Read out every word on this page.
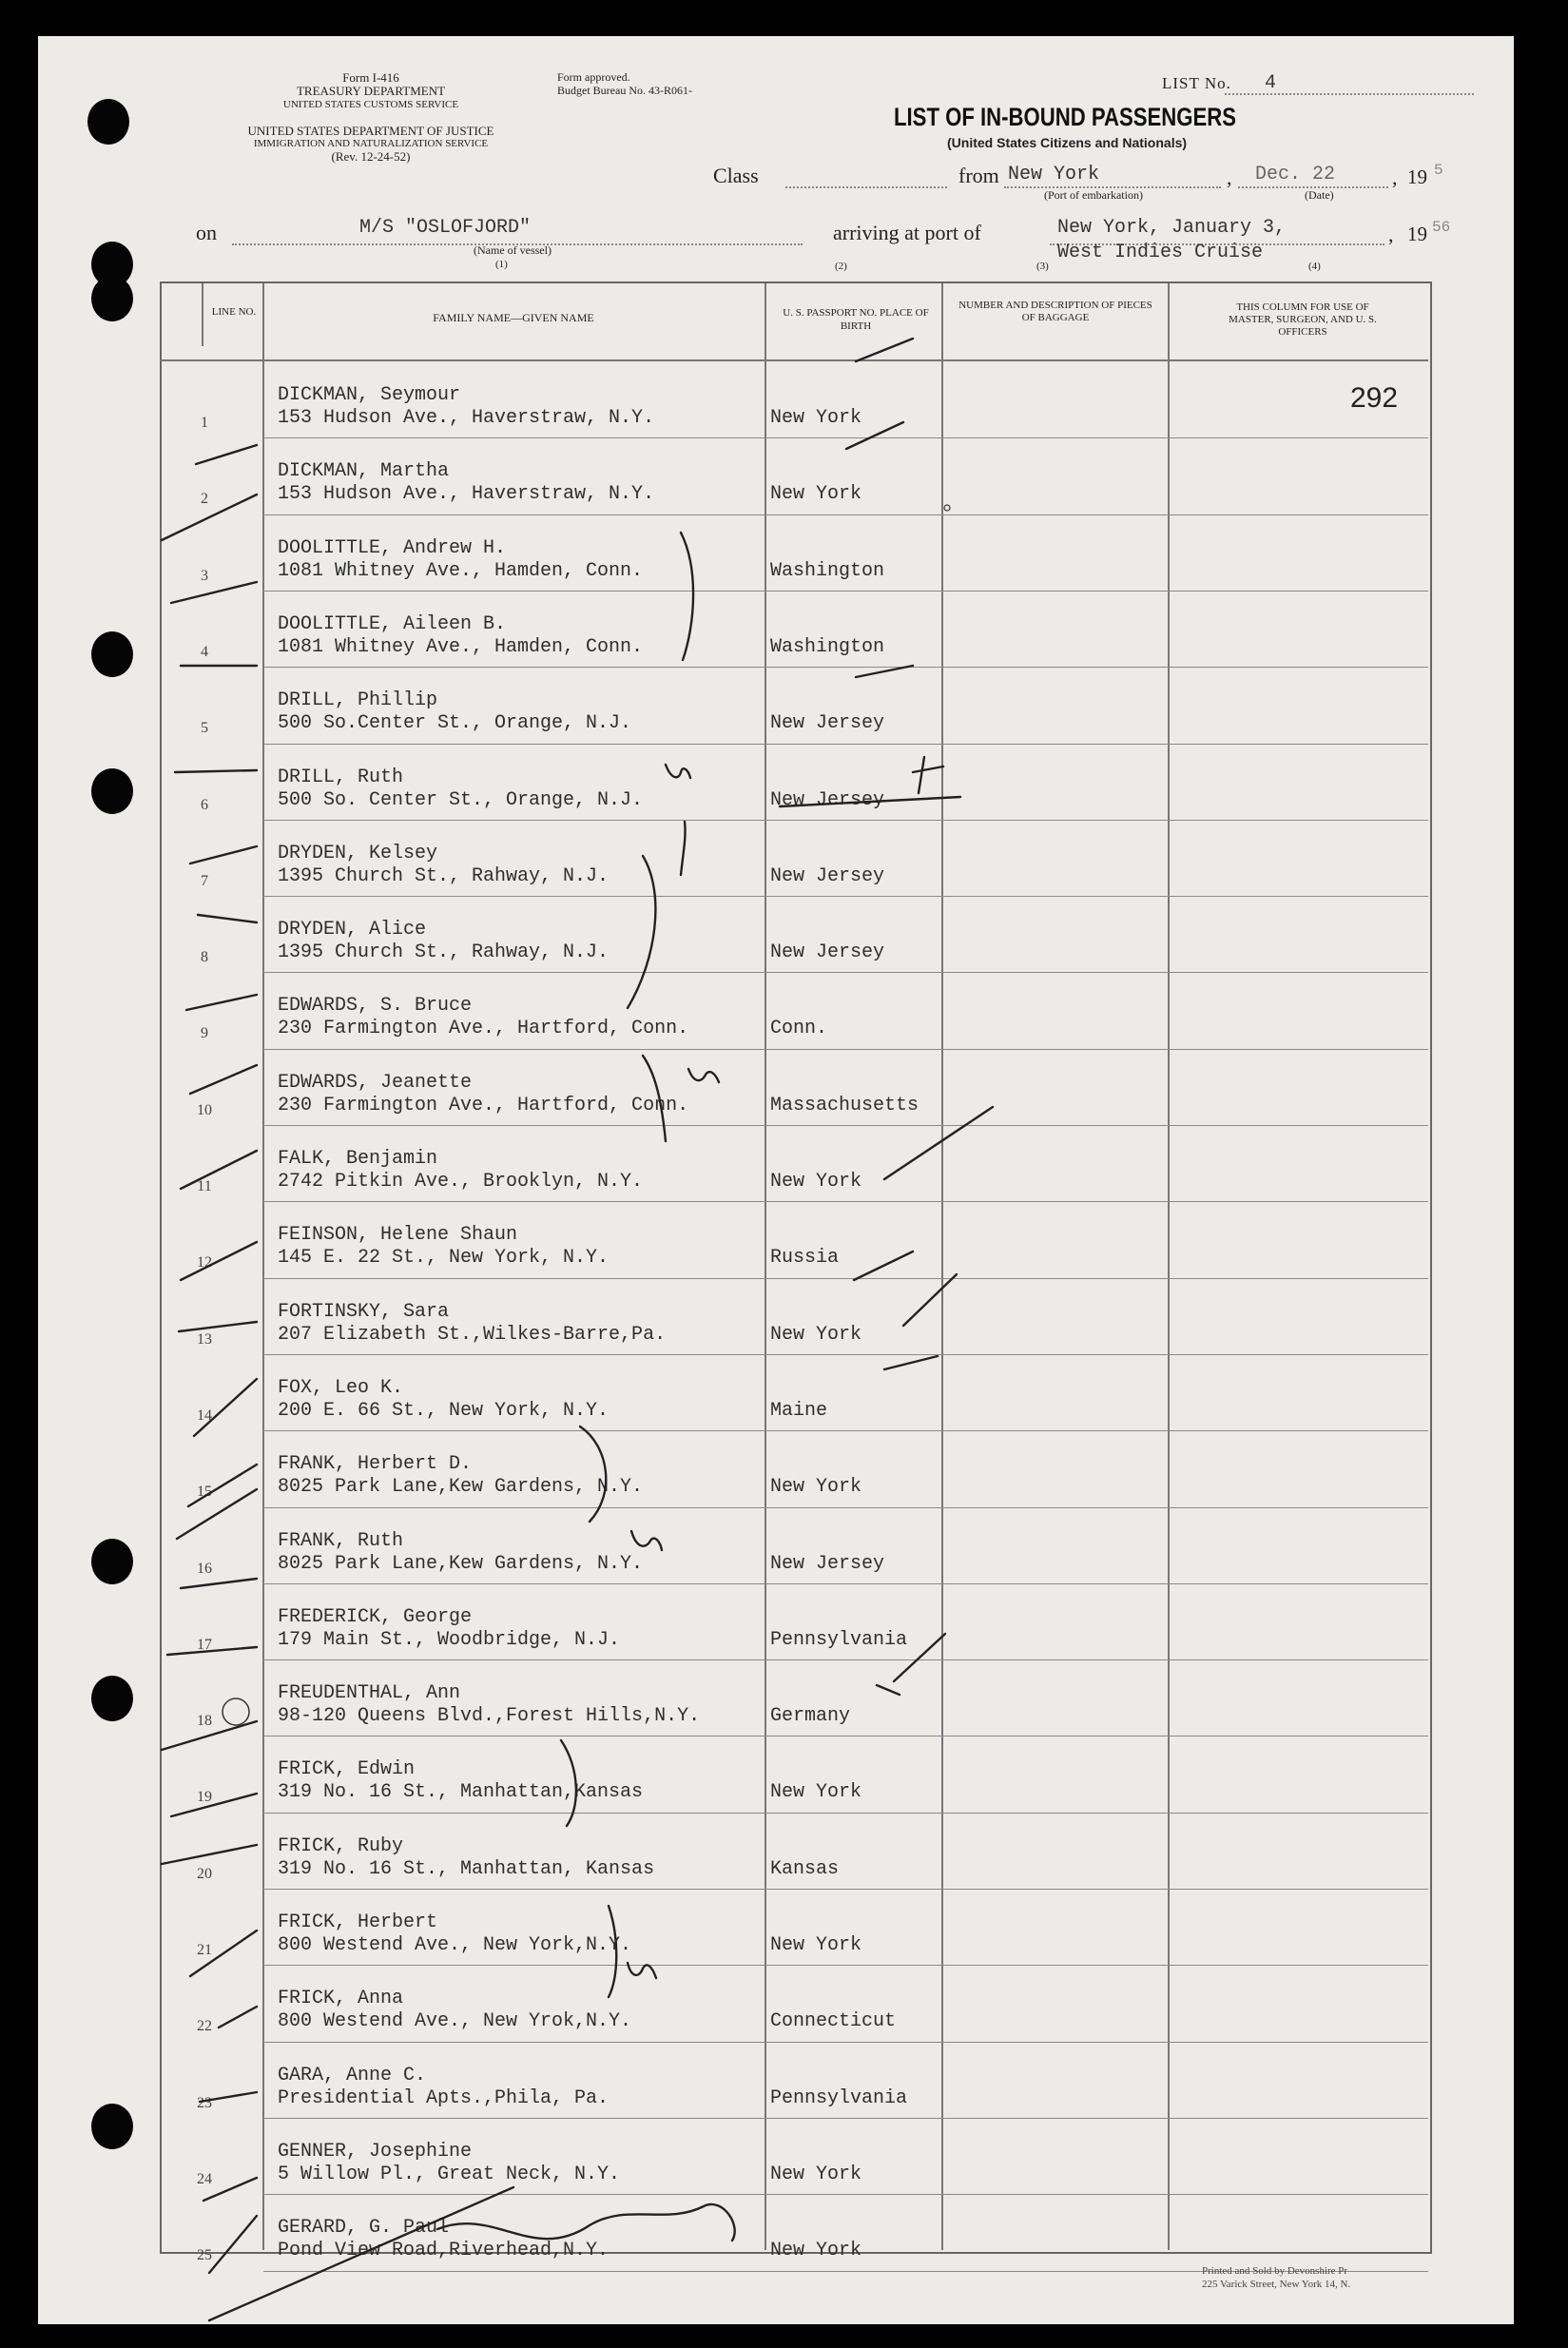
Form I-416
TREASURY DEPARTMENT
UNITED STATES CUSTOMS SERVICE
UNITED STATES DEPARTMENT OF JUSTICE
IMMIGRATION AND NATURALIZATION SERVICE
(Rev. 12-24-52)
Form approved.
Budget Bureau No. 43-R061-	LIST No. 4
LIST OF IN-BOUND PASSENGERS
(United States Citizens and Nationals)
Class	from New York
(Port of embarkation)
, Dec. 22
(Date)
, 19 5
on	M/S "OSLOFJORD"
(Name of vessel)
(1)
arriving at port of	New York, January 3,
West Indies Cruise
, 19 56
(2)	(3)	(4)
LINE NO.	FAMILY NAME—GIVEN NAME	U. S. PASSPORT NO. PLACE OF BIRTH
NUMBER AND DESCRIPTION OF PIECES OF BAGGAGE
THIS COLUMN FOR USE OF MASTER, SURGEON, AND U. S. OFFICERS
292
1
DICKMAN, Seymour
153 Hudson Ave., Haverstraw, N.Y.	New York
2
DICKMAN, Martha
153 Hudson Ave., Haverstraw, N.Y.	New York
3
DOOLITTLE, Andrew H.
1081 Whitney Ave., Hamden, Conn.	Washington
4
DOOLITTLE, Aileen B.
1081 Whitney Ave., Hamden, Conn.	Washington
5
DRILL, Phillip
500 So.Center St., Orange, N.J.	New Jersey
6
DRILL, Ruth
500 So. Center St., Orange, N.J.	New Jersey
7
DRYDEN, Kelsey
1395 Church St., Rahway, N.J.	New Jersey
8
DRYDEN, Alice
1395 Church St., Rahway, N.J.	New Jersey
9
EDWARDS, S. Bruce
230 Farmington Ave., Hartford, Conn.	Conn.
10
EDWARDS, Jeanette
230 Farmington Ave., Hartford, Conn.	Massachusetts
11
FALK, Benjamin
2742 Pitkin Ave., Brooklyn, N.Y.	New York
12
FEINSON, Helene Shaun
145 E. 22 St., New York, N.Y.	Russia
13
FORTINSKY, Sara
207 Elizabeth St.,Wilkes-Barre,Pa.	New York
14
FOX, Leo K.
200 E. 66 St., New York, N.Y.	Maine
15
FRANK, Herbert D.
8025 Park Lane,Kew Gardens, N.Y.	New York
16
FRANK, Ruth
8025 Park Lane,Kew Gardens, N.Y.	New Jersey
17
FREDERICK, George
179 Main St., Woodbridge, N.J.	Pennsylvania
18
FREUDENTHAL, Ann
98-120 Queens Blvd.,Forest Hills,N.Y.	Germany
19
FRICK, Edwin
319 No. 16 St., Manhattan,Kansas	New York
20
FRICK, Ruby
319 No. 16 St., Manhattan, Kansas	Kansas
21
FRICK, Herbert
800 Westend Ave., New York,N.Y.	New York
22
FRICK, Anna
800 Westend Ave., New Yrok,N.Y.	Connecticut
23
GARA, Anne C.
Presidential Apts.,Phila, Pa.	Pennsylvania
24
GENNER, Josephine
5 Willow Pl., Great Neck, N.Y.	New York
25
GERARD, G. Paul
Pond View Road,Riverhead,N.Y.	New York
Printed and Sold by Devonshire Pr
225 Varick Street, New York 14, N.
